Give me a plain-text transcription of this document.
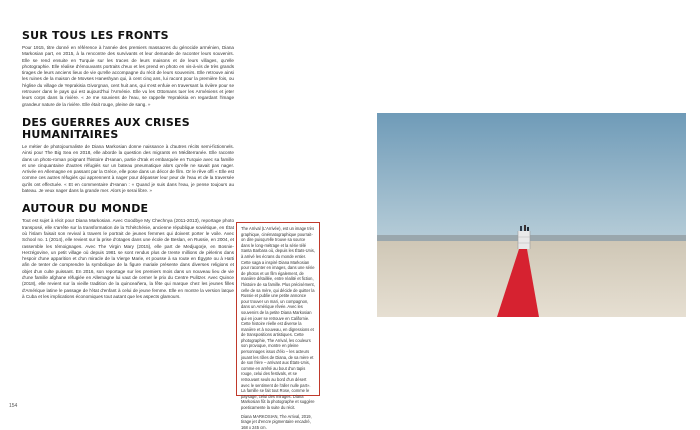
SUR TOUS LES FRONTS

Pour 1915, titre donné en référence à l'année des premiers massacres du génocide arménien, Diana Markosian part, en 2015, à la rencontre des survivants et leur demande de raconter leurs souvenirs. Elle se rend ensuite en Turquie sur les traces de leurs maisons et de leurs villages, qu'elle photographie. Elle réalise d'émouvants portraits d'eux et les prend en photo en vis-à-vis de très grands tirages de leurs anciens lieux de vie qu'elle accompagne du récit de leurs souvenirs. Elle retrouve ainsi les ruines de la maison de Movses Haneshyan qui, à cent cinq ans, lui racont pour la première fois, ou l'église du village de Yeprakisia Givorgnan, cent huit ans, qui s'est enfuie en traversant la rivière pour se retrouver dans le pays qui est aujourd'hui l'Arménie. Elle vu les Ottomans tuer les Arméniens et jeter leurs corps dans la rivière. « Je me souviens de l'eau, se rappelle Yeprakisia en regardant l'image grandeur nature de la rivière. Elle était rouge, pleine de sang. »

DES GUERRES AUX CRISES HUMANITAIRES

Le métier de photojournaliste de Diana Markosian donne naissance à d'autres récits semi-fictionnels. Ainsi pour The Big Sea en 2018, elle aborde la question des migrants en Méditerranée. Elle raconte dans un photo-roman poignant l'histoire d'Hanan, partie d'Irak et embarquée en Turquie avec sa famille et une cinquantaine d'autres réfugiés sur un bateau pneumatique alors qu'elle ne savait pas nager. Arrivée en Allemagne en passant par la Grèce, elle pose dans un décor de film. Or le rêve offi « Elle est comme ces autres réfugiés qui apprennent à nager pour dépasser leur peur de l'eau et de la traversée qu'ils ont effectuée. « Et en commentaire d'Hanan : « Quand je suis dans l'eau, je pense toujours au bateau. Je veux nager dans la grande mer. Alors je serai libre. »

AUTOUR DU MONDE

Tout est sujet à récit pour Diana Markosian. Avec Goodbye My Chechnya (2011-2013), reportage photo transposé, elle s'arrête sur la transformation de la Tchétchénie, ancienne république soviétique, en État où l'islam faisait son revival à travers le portrait de jeunes femmes qui doivent porter le voile. Avec School no. 1 (2014), elle revient sur la prise d'otages dans une école de Beslan, en Russie, en 2004, et rassemble les témoignages. Avec The Virgin Mary (2015), elle part de Medjugorje, en Bosnie-Herzégovine, un petit village où depuis 1981 se sont rendus plus de trente millions de pèlerins dans l'espoir d'une apparition et d'un miracle de la Vierge Marie, et pousse à sa route en Égypte ou à Haïti afin de tenter de comprendre la symbolique de la figure mariale présente dans diverses religions et objet d'un culte puissant. En 2016, son reportage sur les premiers mois dans un nouveau lieu de vie d'une famille afghane réfugiée en Allemagne lui vaut de cerner le prix du Centre Pulitzer. Avec Quince (2018), elle revient sur la vieille tradition de la quinceañera, la fête qui marque chez les jeunes filles d'Amérique latine le passage de l'état d'enfant à celui de jeune femme. Elle en montre la version laïque à Cuba et les implications économiques tout autant que les aspects glamours.

The Arrival (L'Arrivée), est un image très graphique, cinématographique pourrait-on dire puisqu'elle trouve sa source dans le long-métrage et la série télé Santa Barbara où, depuis les États-Unis, à arrivé les écrans du monde entier. Cette saga a inspiré Diana Markosian pour raconter en images, dans une série de photos et un film également, de manière détaillée, entre réalité et fiction, l'histoire de sa famille. Plus précisément, celle de sa mère, qui décide de quitter la Russie et publie une petite annonce pour trouver un mari, un compagnon, dans un Amérique rêvée. Avec les souvenirs de la petite Diana Markosian qui en jouer se retrouve en Californie. Cette histoire réelle est diverse la manière et à nouveau, en digressions et de transpositions artistiques. Cette photographie, The Arrival, les couleurs son provoque, montre en pleine personnages issus d'élo – les acteurs jouant les rôles de Diana, de sa mère et de son frère – arrivant aux États-Unis, comme en arrêté au bout d'un tapis rouge, celui des festivals, et se retrouvant seuls au bord d'un désert avec le sentiment de l'aller nulle part». La famille se fait tout Rose, comme le paysage, celui des mirages. Diana Markosian fût la photographe et suggère poeticamente la suite du récit.

Diana MARKOSIAN, The Arrival, 2019, tirage jet d'encre pigmentaire encadré, 168 x 245 cm.

154
